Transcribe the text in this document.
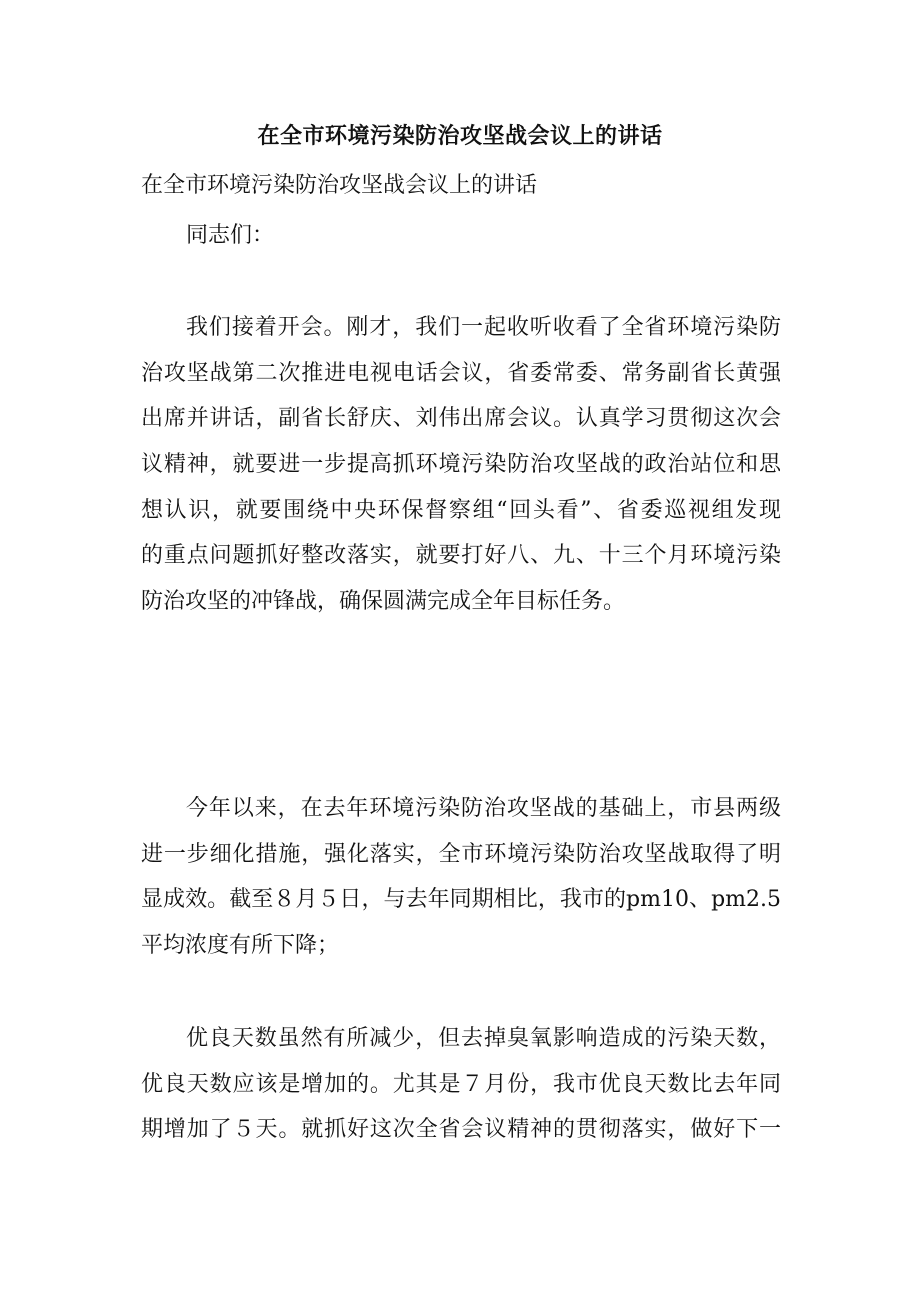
在全市环境污染防治攻坚战会议上的讲话
在全市环境污染防治攻坚战会议上的讲话
同志们：
我们接着开会。刚才，我们一起收听收看了全省环境污染防
治攻坚战第二次推进电视电话会议，省委常委、常务副省长黄强
出席并讲话，副省长舒庆、刘伟出席会议。认真学习贯彻这次会
议精神，就要进一步提高抓环境污染防治攻坚战的政治站位和思
想认识，就要围绕中央环保督察组“回头看”、省委巡视组发现
的重点问题抓好整改落实，就要打好八、九、十三个月环境污染
防治攻坚的冲锋战，确保圆满完成全年目标任务。
今年以来，在去年环境污染防治攻坚战的基础上，市县两级
进一步细化措施，强化落实，全市环境污染防治攻坚战取得了明
显成效。截至８月５日，与去年同期相比，我市的pm10、pm2.5
平均浓度有所下降；
优良天数虽然有所减少，但去掉臭氧影响造成的污染天数，
优良天数应该是增加的。尤其是７月份，我市优良天数比去年同
期增加了５天。就抓好这次全省会议精神的贯彻落实，做好下一
